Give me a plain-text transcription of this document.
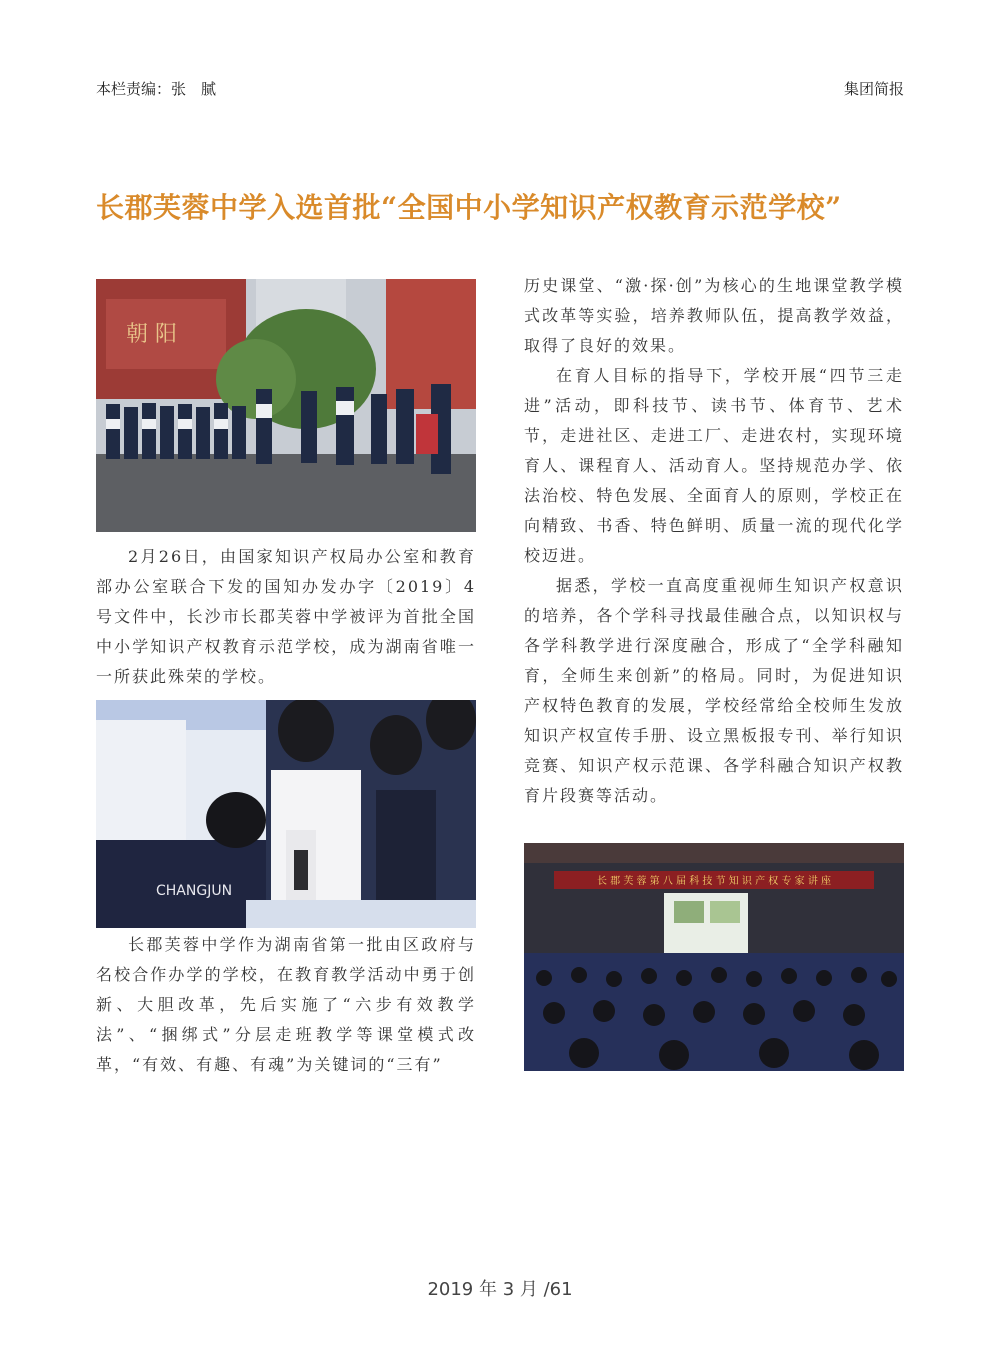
本栏责编：张　腻	集团简报
长郡芙蓉中学入选首批“全国中小学知识产权教育示范学校”
朝 阳

2月26日，由国家知识产权局办公室和教育部办公室联合下发的国知办发办字〔2019〕4号文件中，长沙市长郡芙蓉中学被评为首批全国中小学知识产权教育示范学校，成为湖南省唯一一所获此殊荣的学校。

CHANGJUN

长郡芙蓉中学作为湖南省第一批由区政府与名校合作办学的学校，在教育教学活动中勇于创新、大胆改革，先后实施了“六步有效教学法”、“捆绑式”分层走班教学等课堂模式改革，“有效、有趣、有魂”为关键词的“三有”

历史课堂、“激·探·创”为核心的生地课堂教学模式改革等实验，培养教师队伍，提高教学效益，取得了良好的效果。

在育人目标的指导下，学校开展“四节三走进”活动，即科技节、读书节、体育节、艺术节，走进社区、走进工厂、走进农村，实现环境育人、课程育人、活动育人。坚持规范办学、依法治校、特色发展、全面育人的原则，学校正在向精致、书香、特色鲜明、质量一流的现代化学校迈进。

据悉，学校一直高度重视师生知识产权意识的培养，各个学科寻找最佳融合点，以知识权与各学科教学进行深度融合，形成了“全学科融知育，全师生来创新”的格局。同时，为促进知识产权特色教育的发展，学校经常给全校师生发放知识产权宣传手册、设立黑板报专刊、举行知识竞赛、知识产权示范课、各学科融合知识产权教育片段赛等活动。

长 郡 芙 蓉 第 八 届 科 技 节 知 识 产 权 专 家 讲 座
2019 年 3 月 /61
